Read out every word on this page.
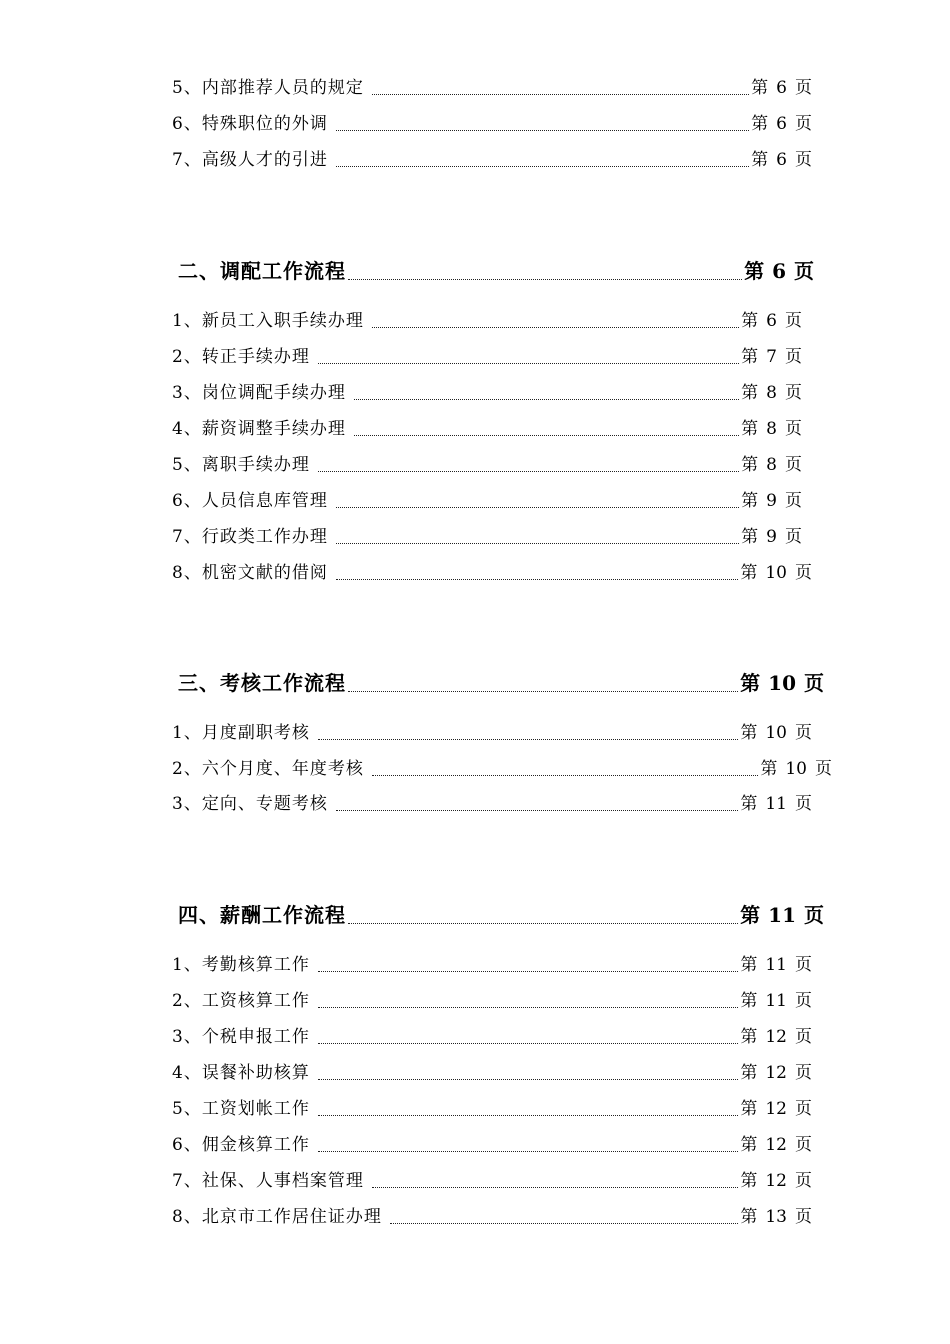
5、内部推荐人员的规定	第 6 页
6、特殊职位的外调	第 6 页
7、高级人才的引进	第 6 页
二、调配工作流程	第 6 页
1、新员工入职手续办理	第 6 页
2、转正手续办理	第 7 页
3、岗位调配手续办理	第 8 页
4、薪资调整手续办理	第 8 页
5、离职手续办理	第 8 页
6、人员信息库管理	第 9 页
7、行政类工作办理	第 9 页
8、机密文献的借阅	第 10 页
三、考核工作流程	第 10 页
1、月度副职考核	第 10 页
2、六个月度、年度考核	第 10 页
3、定向、专题考核	第 11 页
四、薪酬工作流程	第 11 页
1、考勤核算工作	第 11 页
2、工资核算工作	第 11 页
3、个税申报工作	第 12 页
4、误餐补助核算	第 12 页
5、工资划帐工作	第 12 页
6、佣金核算工作	第 12 页
7、社保、人事档案管理	第 12 页
8、北京市工作居住证办理	第 13 页
